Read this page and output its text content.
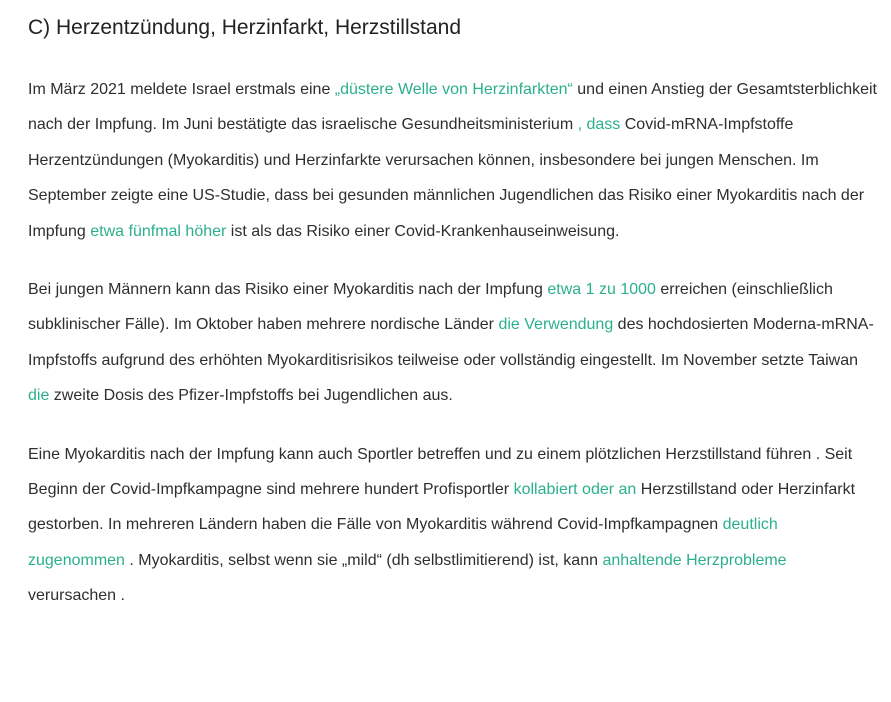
C) Herzentzündung, Herzinfarkt, Herzstillstand

Im März 2021 meldete Israel erstmals eine „düstere Welle von Herzinfarkten“ und einen Anstieg der Gesamtsterblichkeit nach der Impfung. Im Juni bestätigte das israelische Gesundheitsministerium , dass Covid-mRNA-Impfstoffe Herzentzündungen (Myokarditis) und Herzinfarkte verursachen können, insbesondere bei jungen Menschen. Im September zeigte eine US-Studie, dass bei gesunden männlichen Jugendlichen das Risiko einer Myokarditis nach der Impfung etwa fünfmal höher ist als das Risiko einer Covid-Krankenhauseinweisung.

Bei jungen Männern kann das Risiko einer Myokarditis nach der Impfung etwa 1 zu 1000 erreichen (einschließlich subklinischer Fälle). Im Oktober haben mehrere nordische Länder die Verwendung des hochdosierten Moderna-mRNA-Impfstoffs aufgrund des erhöhten Myokarditisrisikos teilweise oder vollständig eingestellt. Im November setzte Taiwan die zweite Dosis des Pfizer-Impfstoffs bei Jugendlichen aus.

Eine Myokarditis nach der Impfung kann auch Sportler betreffen und zu einem plötzlichen Herzstillstand führen . Seit Beginn der Covid-Impfkampagne sind mehrere hundert Profisportler kollabiert oder an Herzstillstand oder Herzinfarkt gestorben. In mehreren Ländern haben die Fälle von Myokarditis während Covid-Impfkampagnen deutlich zugenommen . Myokarditis, selbst wenn sie „mild“ (dh selbstlimitierend) ist, kann anhaltende Herzprobleme verursachen .
